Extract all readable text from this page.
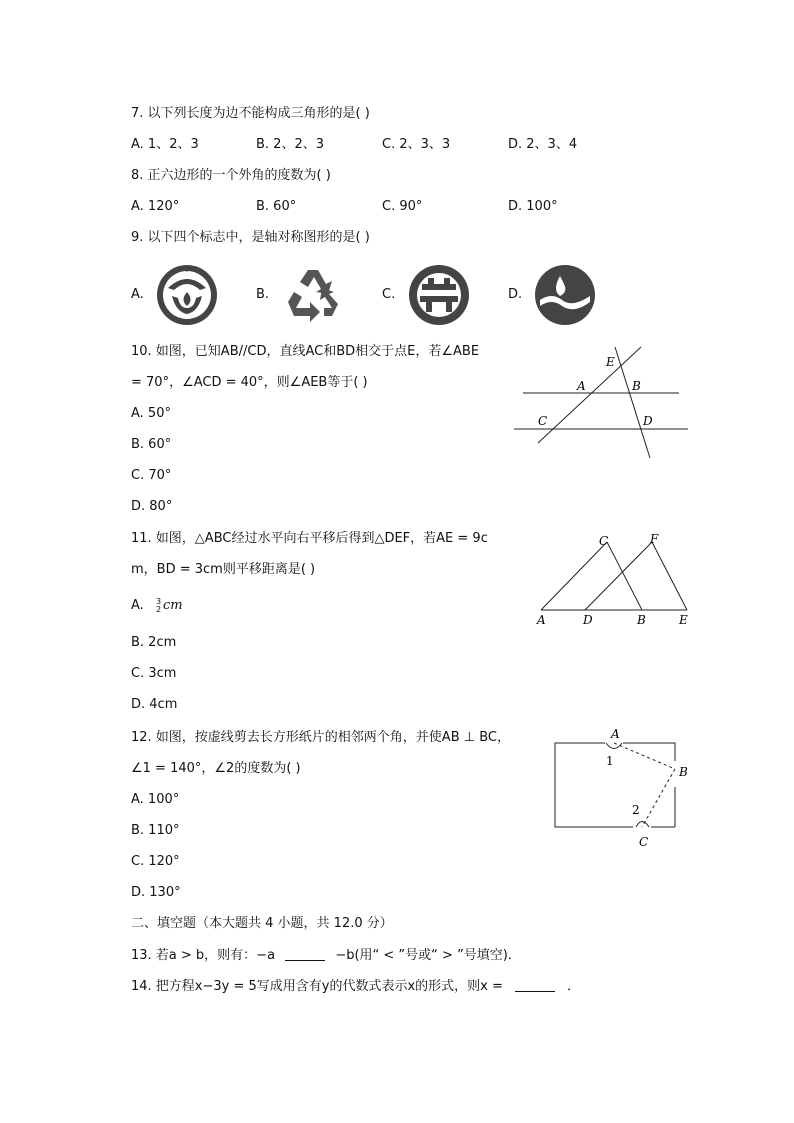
7. 以下列长度为边不能构成三角形的是( )
A. 1、2、3	B. 2、2、3	C. 2、3、3	D. 2、3、4
8. 正六边形的一个外角的度数为( )
A. 120°	B. 60°	C. 90°	D. 100°
9. 以下四个标志中，是轴对称图形的是( )
A.	B.	C.	D.
10. 如图，已知AB//CD，直线AC和BD相交于点E，若∠ABE
= 70°，∠ACD = 40°，则∠AEB等于( )
A. 50°
B. 60°
C. 70°
D. 80°
E
A	B
C	D
11. 如图，△ABC经过水平向右平移后得到△DEF，若AE = 9c
m，BD = 3cm则平移距离是( )
A. 3
2 cm
B. 2cm
C. 3cm
D. 4cm
C	F
A	D	B	E
12. 如图，按虚线剪去长方形纸片的相邻两个角，并使AB ⊥ BC，
∠1 = 140°，∠2的度数为( )
A. 100°
B. 110°
C. 120°
D. 130°
A
B
C
1
2
二、填空题（本大题共 4 小题，共 12.0 分）
13. 若a > b，则有：−a	−b(用“ < ”号或“ > ”号填空)．
14. 把方程x−3y = 5写成用含有y的代数式表示x的形式，则x =	．
